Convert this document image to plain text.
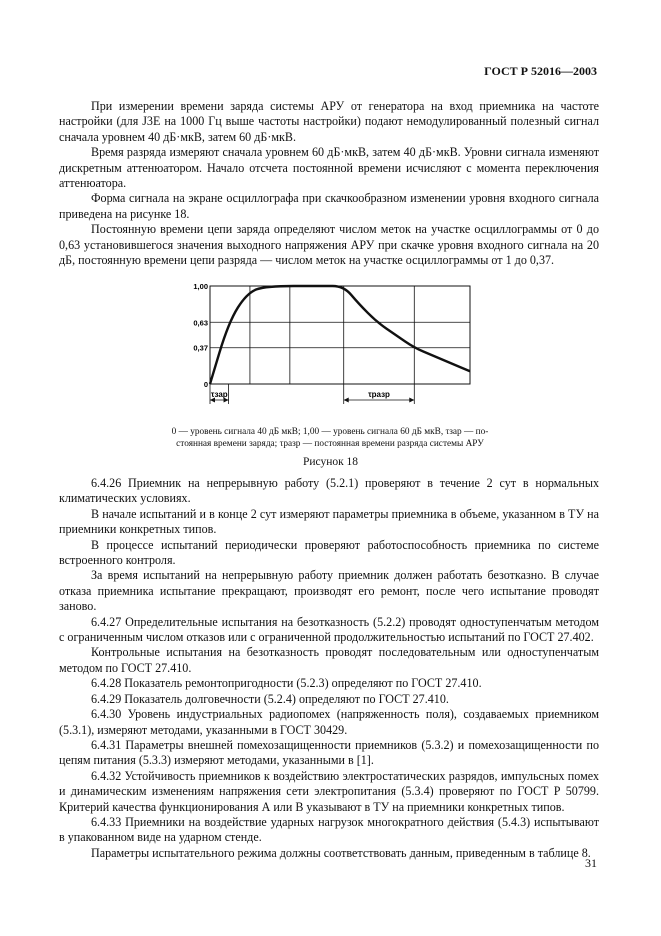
ГОСТ Р 52016—2003

При измерении времени заряда системы АРУ от генератора на вход приемника на частоте настройки (для J3E на 1000 Гц выше частоты настройки) подают немодулированный полезный сигнал сначала уровнем 40 дБ·мкВ, затем 60 дБ·мкВ.

Время разряда измеряют сначала уровнем 60 дБ·мкВ, затем 40 дБ·мкВ. Уровни сигнала изменяют дискретным аттенюатором. Начало отсчета постоянной времени исчисляют с момента переключения аттенюатора.

Форма сигнала на экране осциллографа при скачкообразном изменении уровня входного сигнала приведена на рисунке 18.

Постоянную времени цепи заряда определяют числом меток на участке осциллограммы от 0 до 0,63 установившегося значения выходного напряжения АРУ при скачке уровня входного сигнала на 20 дБ, постоянную времени цепи разряда — числом меток на участке осциллограммы от 1 до 0,37.

0
0,37
0,63
1,00
τзар	τразр
0 — уровень сигнала 40 дБ мкВ; 1,00 — уровень сигнала 60 дБ мкВ, τзар — по-
стоянная времени заряда; τразр — постоянная времени разряда системы АРУ
Рисунок 18

6.4.26 Приемник на непрерывную работу (5.2.1) проверяют в течение 2 сут в нормальных климатических условиях.

В начале испытаний и в конце 2 сут измеряют параметры приемника в объеме, указанном в ТУ на приемники конкретных типов.

В процессе испытаний периодически проверяют работоспособность приемника по системе встроенного контроля.

За время испытаний на непрерывную работу приемник должен работать безотказно. В случае отказа приемника испытание прекращают, производят его ремонт, после чего испытание проводят заново.

6.4.27 Определительные испытания на безотказность (5.2.2) проводят одноступенчатым методом с ограниченным числом отказов или с ограниченной продолжительностью испытаний по ГОСТ 27.402.

Контрольные испытания на безотказность проводят последовательным или одноступенчатым методом по ГОСТ 27.410.

6.4.28 Показатель ремонтопригодности (5.2.3) определяют по ГОСТ 27.410.

6.4.29 Показатель долговечности (5.2.4) определяют по ГОСТ 27.410.

6.4.30 Уровень индустриальных радиопомех (напряженность поля), создаваемых приемником (5.3.1), измеряют методами, указанными в ГОСТ 30429.

6.4.31 Параметры внешней помехозащищенности приемников (5.3.2) и помехозащищенности по цепям питания (5.3.3) измеряют методами, указанными в [1].

6.4.32 Устойчивость приемников к воздействию электростатических разрядов, импульсных помех и динамическим изменениям напряжения сети электропитания (5.3.4) проверяют по ГОСТ Р 50799. Критерий качества функционирования А или В указывают в ТУ на приемники конкретных типов.

6.4.33 Приемники на воздействие ударных нагрузок многократного действия (5.4.3) испытывают в упакованном виде на ударном стенде.

Параметры испытательного режима должны соответствовать данным, приведенным в таблице 8.

31
